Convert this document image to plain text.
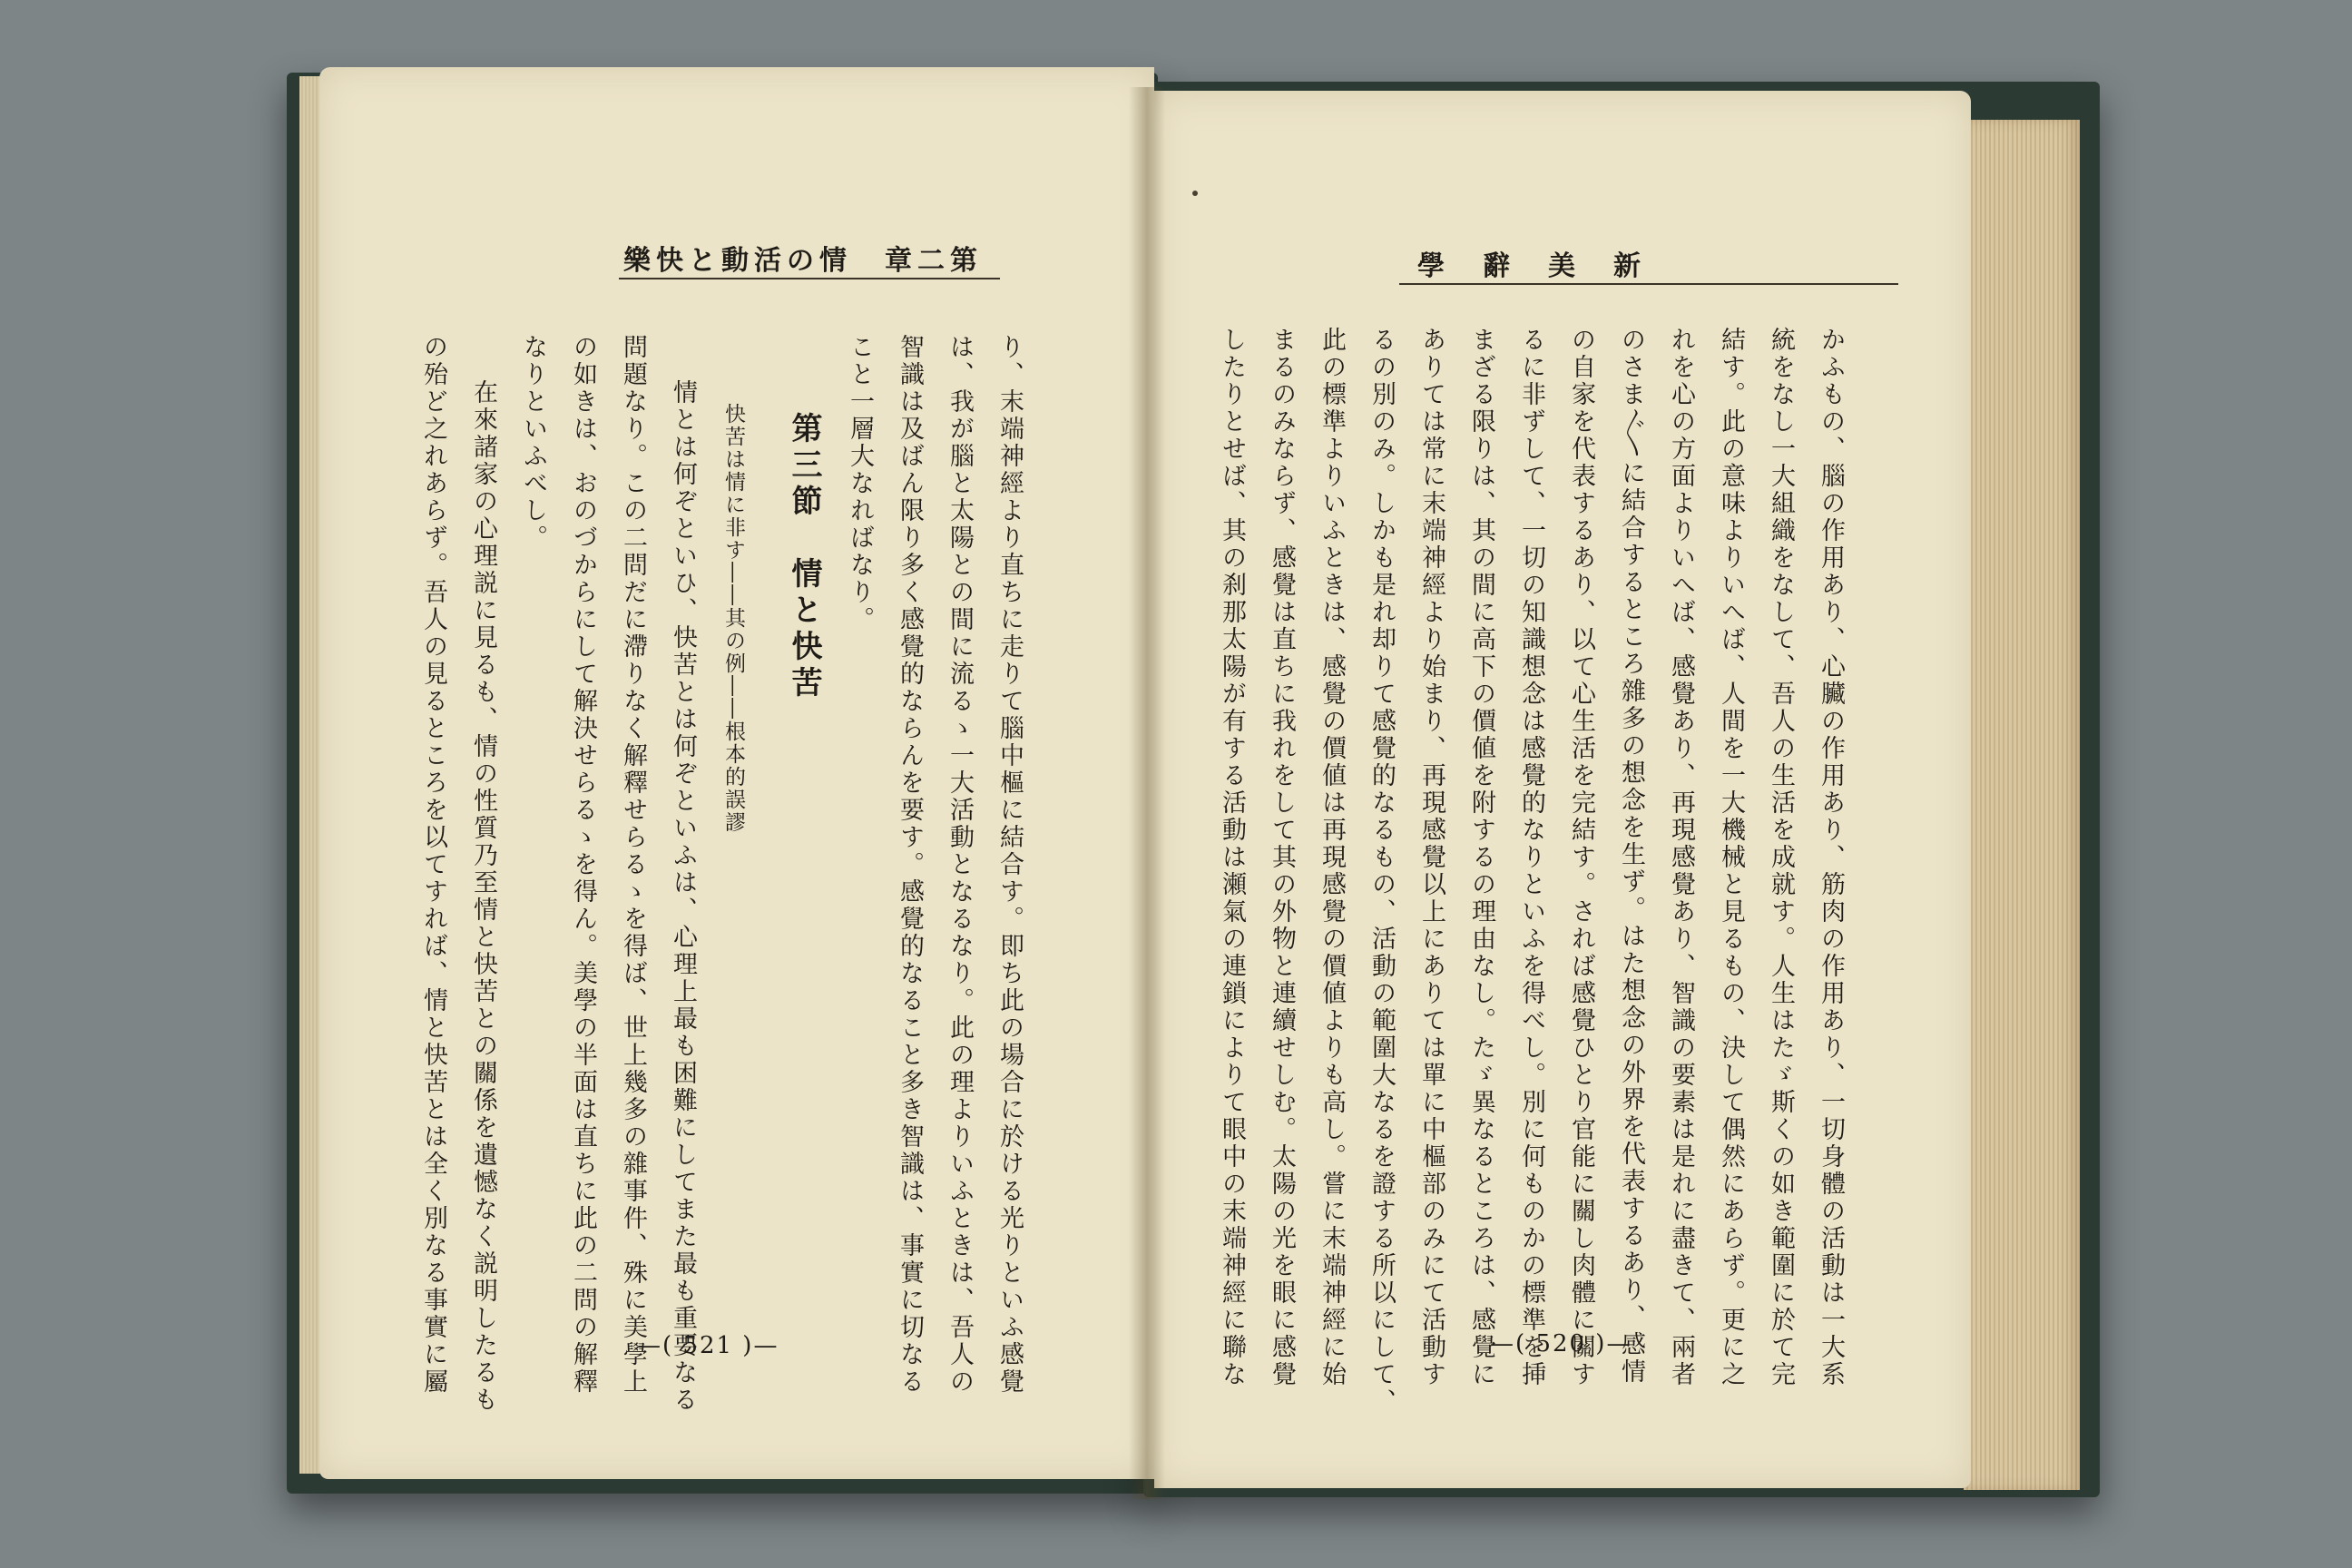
樂快と動活の情　章二第
り、末端神經より直ちに走りて腦中樞に結合す。即ち此の場合に於ける光りといふ感覺
は、我が腦と太陽との間に流るゝ一大活動となるなり。此の理よりいふときは、吾人の
智識は及ばん限り多く感覺的ならんを要す。感覺的なること多き智識は、事實に切なる
こと一層大なればなり。
第三節　情と快苦
快苦は情に非す――其の例――根本的誤謬
情とは何ぞといひ、快苦とは何ぞといふは、心理上最も困難にしてまた最も重要なる
問題なり。この二問だに滯りなく解釋せらるゝを得ば、世上幾多の雜事件、殊に美學上
の如きは、おのづからにして解決せらるゝを得ん。美學の半面は直ちに此の二問の解釋
なりといふべし。
在來諸家の心理説に見るも、情の性質乃至情と快苦との關係を遺憾なく説明したるも
の殆ど之れあらず。吾人の見るところを以てすれば、情と快苦とは全く別なる事實に屬	—( 521 )—
學　辭　美　新
かふもの、腦の作用あり、心臟の作用あり、筋肉の作用あり、一切身體の活動は一大系
統をなし一大組織をなして、吾人の生活を成就す。人生はたゞ斯くの如き範圍に於て完
結す。此の意味よりいへば、人間を一大機械と見るもの、決して偶然にあらず。更に之
れを心の方面よりいへば、感覺あり、再現感覺あり、智識の要素は是れに盡きて、兩者
のさま〴〵に結合するところ雜多の想念を生ず。はた想念の外界を代表するあり、感情
の自家を代表するあり、以て心生活を完結す。されば感覺ひとり官能に關し肉體に關す
るに非ずして、一切の知識想念は感覺的なりといふを得べし。別に何ものかの標準を挿
まざる限りは、其の間に高下の價値を附するの理由なし。たゞ異なるところは、感覺に
ありては常に末端神經より始まり、再現感覺以上にありては單に中樞部のみにて活動す
るの別のみ。しかも是れ却りて感覺的なるもの、活動の範圍大なるを證する所以にして、
此の標準よりいふときは、感覺の價値は再現感覺の價値よりも高し。嘗に末端神經に始
まるのみならず、感覺は直ちに我れをして其の外物と連續せしむ。太陽の光を眼に感覺
したりとせば、其の刹那太陽が有する活動は瀬氣の連鎖によりて眼中の末端神經に聯な	—( 520 )—
